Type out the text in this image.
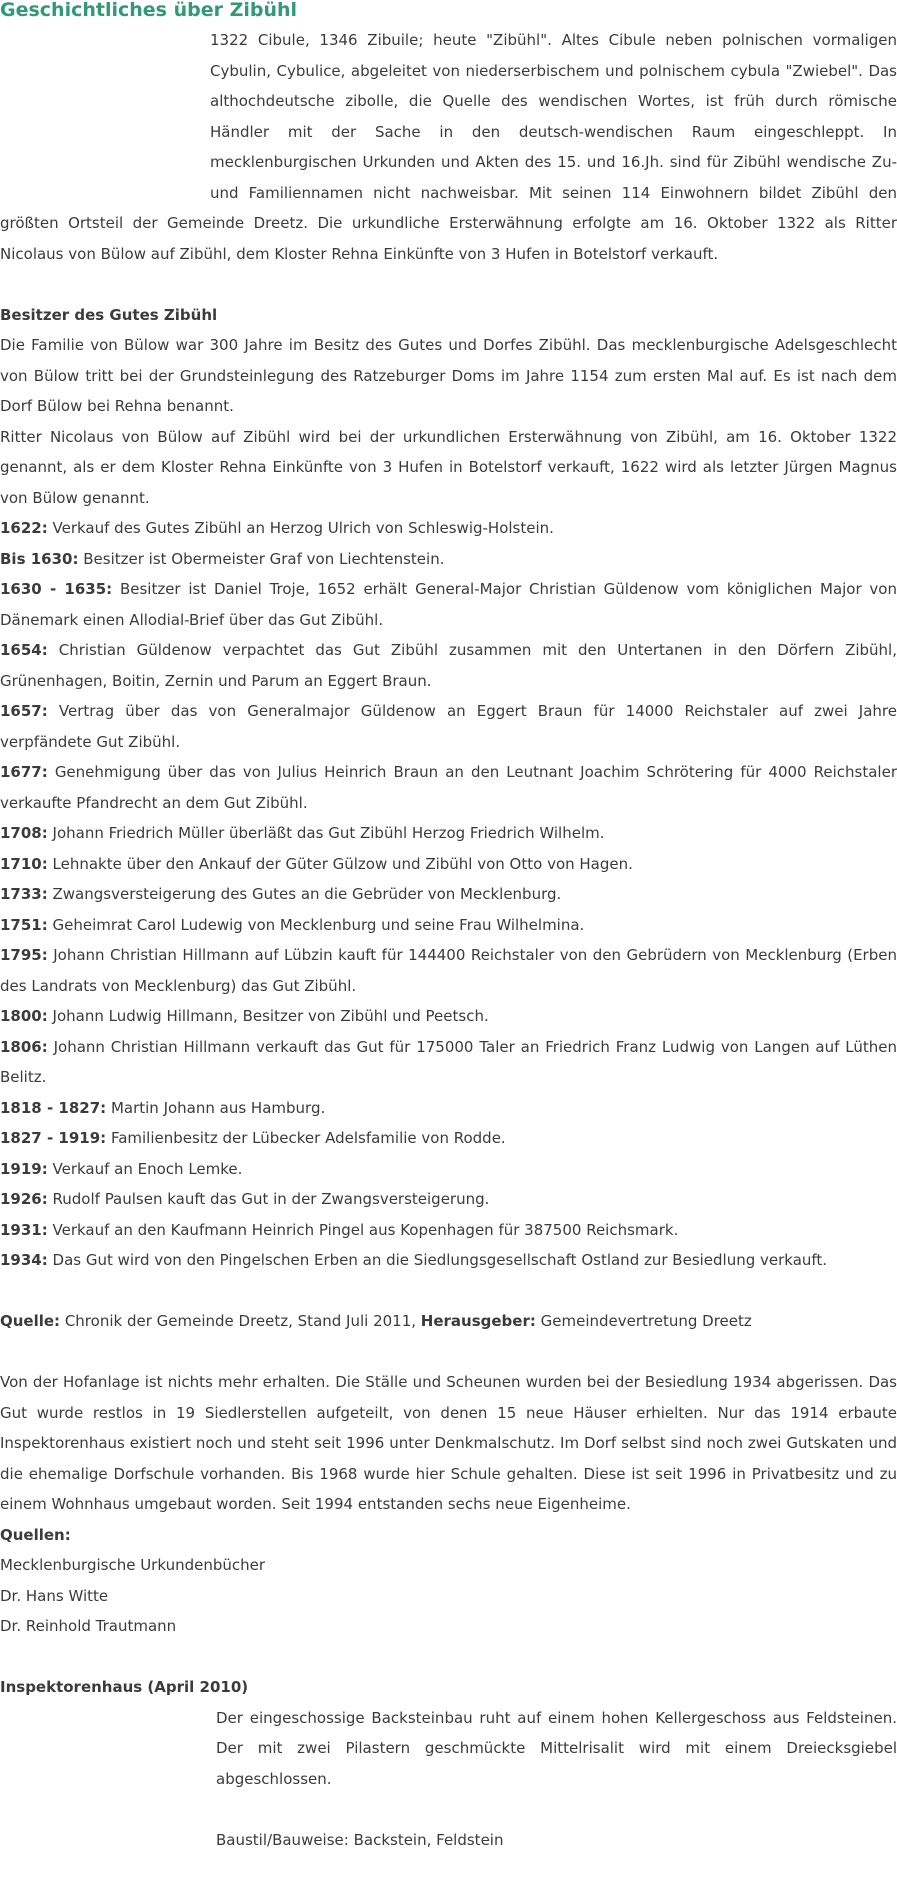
Geschichtliches über Zibühl

1322 Cibule, 1346 Zibuile; heute "Zibühl". Altes Cibule neben polnischen vormaligen Cybulin, Cybulice, abgeleitet von niederserbischem und polnischem cybula "Zwiebel". Das althochdeutsche zibolle, die Quelle des wendischen Wortes, ist früh durch römische Händler mit der Sache in den deutsch-wendischen Raum eingeschleppt. In mecklenburgischen Urkunden und Akten des 15. und 16.Jh. sind für Zibühl wendische Zu- und Familiennamen nicht nachweisbar. Mit seinen 114 Einwohnern bildet Zibühl den größten Ortsteil der Gemeinde Dreetz. Die urkundliche Ersterwähnung erfolgte am 16. Oktober 1322 als Ritter Nicolaus von Bülow auf Zibühl, dem Kloster Rehna Einkünfte von 3 Hufen in Botelstorf verkauft.

Besitzer des Gutes Zibühl

Die Familie von Bülow war 300 Jahre im Besitz des Gutes und Dorfes Zibühl. Das mecklenburgische Adelsgeschlecht von Bülow tritt bei der Grundsteinlegung des Ratzeburger Doms im Jahre 1154 zum ersten Mal auf. Es ist nach dem Dorf Bülow bei Rehna benannt.

Ritter Nicolaus von Bülow auf Zibühl wird bei der urkundlichen Ersterwähnung von Zibühl, am 16. Oktober 1322 genannt, als er dem Kloster Rehna Einkünfte von 3 Hufen in Botelstorf verkauft, 1622 wird als letzter Jürgen Magnus von Bülow genannt.

1622: Verkauf des Gutes Zibühl an Herzog Ulrich von Schleswig-Holstein.

Bis 1630: Besitzer ist Obermeister Graf von Liechtenstein.

1630 - 1635: Besitzer ist Daniel Troje, 1652 erhält General-Major Christian Güldenow vom königlichen Major von Dänemark einen Allodial-Brief über das Gut Zibühl.

1654: Christian Güldenow verpachtet das Gut Zibühl zusammen mit den Untertanen in den Dörfern Zibühl, Grünenhagen, Boitin, Zernin und Parum an Eggert Braun.

1657: Vertrag über das von Generalmajor Güldenow an Eggert Braun für 14000 Reichstaler auf zwei Jahre verpfändete Gut Zibühl.

1677: Genehmigung über das von Julius Heinrich Braun an den Leutnant Joachim Schrötering für 4000 Reichstaler verkaufte Pfandrecht an dem Gut Zibühl.

1708: Johann Friedrich Müller überläßt das Gut Zibühl Herzog Friedrich Wilhelm.

1710: Lehnakte über den Ankauf der Güter Gülzow und Zibühl von Otto von Hagen.

1733: Zwangsversteigerung des Gutes an die Gebrüder von Mecklenburg.

1751: Geheimrat Carol Ludewig von Mecklenburg und seine Frau Wilhelmina.

1795: Johann Christian Hillmann auf Lübzin kauft für 144400 Reichstaler von den Gebrüdern von Mecklenburg (Erben des Landrats von Mecklenburg) das Gut Zibühl.

1800: Johann Ludwig Hillmann, Besitzer von Zibühl und Peetsch.

1806: Johann Christian Hillmann verkauft das Gut für 175000 Taler an Friedrich Franz Ludwig von Langen auf Lüthen Belitz.

1818 - 1827: Martin Johann aus Hamburg.

1827 - 1919: Familienbesitz der Lübecker Adelsfamilie von Rodde.

1919: Verkauf an Enoch Lemke.

1926: Rudolf Paulsen kauft das Gut in der Zwangsversteigerung.

1931: Verkauf an den Kaufmann Heinrich Pingel aus Kopenhagen für 387500 Reichsmark.

1934: Das Gut wird von den Pingelschen Erben an die Siedlungsgesellschaft Ostland zur Besiedlung verkauft.

Quelle: Chronik der Gemeinde Dreetz, Stand Juli 2011, Herausgeber: Gemeindevertretung Dreetz

Von der Hofanlage ist nichts mehr erhalten. Die Ställe und Scheunen wurden bei der Besiedlung 1934 abgerissen. Das Gut wurde restlos in 19 Siedlerstellen aufgeteilt, von denen 15 neue Häuser erhielten. Nur das 1914 erbaute Inspektorenhaus existiert noch und steht seit 1996 unter Denkmalschutz. Im Dorf selbst sind noch zwei Gutskaten und die ehemalige Dorfschule vorhanden. Bis 1968 wurde hier Schule gehalten. Diese ist seit 1996 in Privatbesitz und zu einem Wohnhaus umgebaut worden. Seit 1994 entstanden sechs neue Eigenheime.

Quellen:
Mecklenburgische Urkundenbücher
Dr. Hans Witte
Dr. Reinhold Trautmann
Inspektorenhaus (April 2010)

Der eingeschossige Backsteinbau ruht auf einem hohen Kellergeschoss aus Feldsteinen. Der mit zwei Pilastern geschmückte Mittelrisalit wird mit einem Dreiecksgiebel abgeschlossen.

Baustil/Bauweise: Backstein, Feldstein
